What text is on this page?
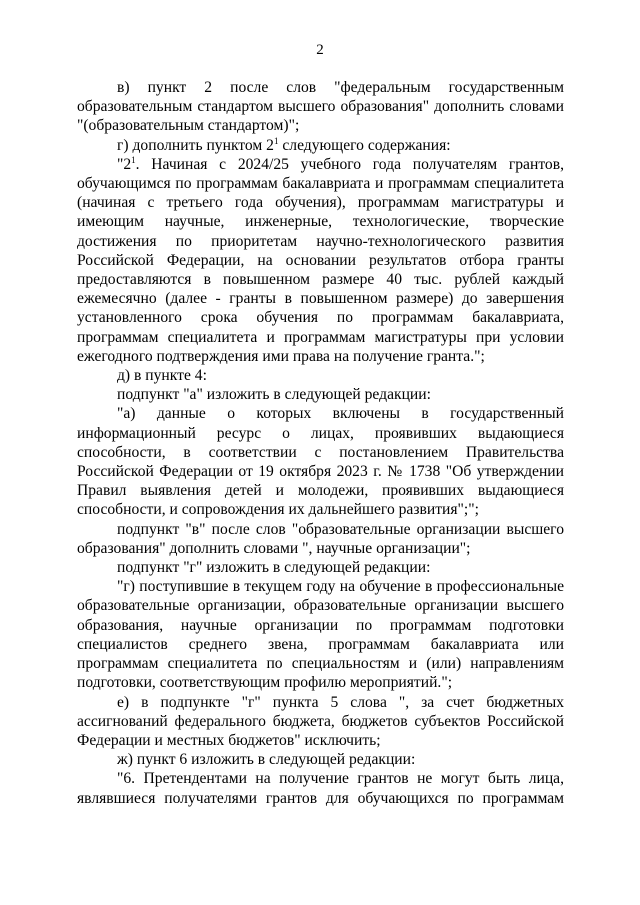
2

в) пункт 2 после слов "федеральным государственным образовательным стандартом высшего образования" дополнить словами "(образовательным стандартом)";

г) дополнить пунктом $2^1$ следующего содержания:

"$2^1$. Начиная с 2024/25 учебного года получателям грантов, обучающимся по программам бакалавриата и программам специалитета (начиная с третьего года обучения), программам магистратуры и имеющим научные, инженерные, технологические, творческие достижения по приоритетам научно-технологического развития Российской Федерации, на основании результатов отбора гранты предоставляются в повышенном размере 40 тыс. рублей каждый ежемесячно (далее - гранты в повышенном размере) до завершения установленного срока обучения по программам бакалавриата, программам специалитета и программам магистратуры при условии ежегодного подтверждения ими права на получение гранта.";

д) в пункте 4:

подпункт "а" изложить в следующей редакции:

"а) данные о которых включены в государственный информационный ресурс о лицах, проявивших выдающиеся способности, в соответствии с постановлением Правительства Российской Федерации от 19 октября 2023 г. № 1738 "Об утверждении Правил выявления детей и молодежи, проявивших выдающиеся способности, и сопровождения их дальнейшего развития";";

подпункт "в" после слов "образовательные организации высшего образования" дополнить словами ", научные организации";

подпункт "г" изложить в следующей редакции:

"г) поступившие в текущем году на обучение в профессиональные образовательные организации, образовательные организации высшего образования, научные организации по программам подготовки специалистов среднего звена, программам бакалавриата или программам специалитета по специальностям и (или) направлениям подготовки, соответствующим профилю мероприятий.";

е) в подпункте "г" пункта 5 слова ", за счет бюджетных ассигнований федерального бюджета, бюджетов субъектов Российской Федерации и местных бюджетов" исключить;

ж) пункт 6 изложить в следующей редакции:

"6. Претендентами на получение грантов не могут быть лица, являвшиеся получателями грантов для обучающихся по программам
